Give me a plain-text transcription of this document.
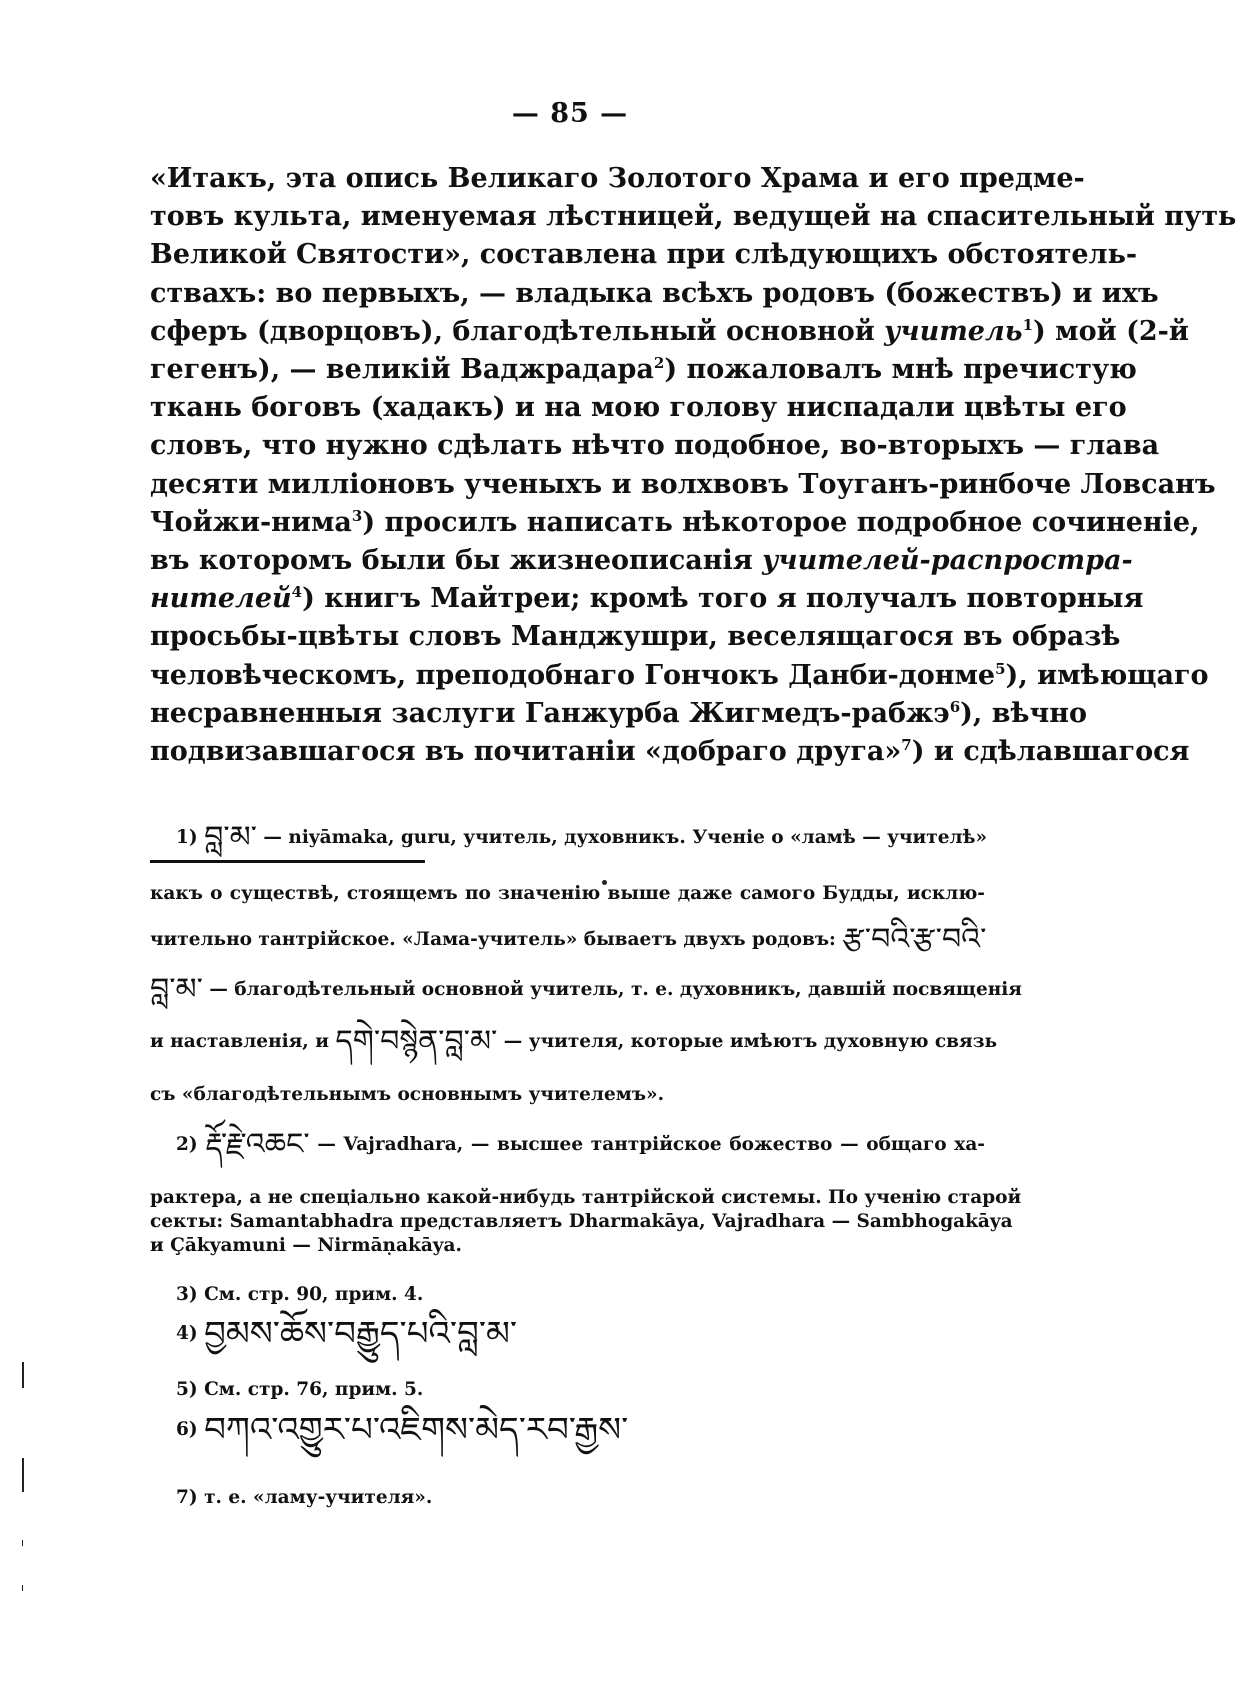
— 85 —
«Итакъ, эта опись Великаго Золотого Храма и его предме-
товъ культа, именуемая лѣстницей, ведущей на спасительный путь
Великой Святости», составлена при слѣдующихъ обстоятель-
ствахъ: во первыхъ, — владыка всѣхъ родовъ (божествъ) и ихъ
сферъ (дворцовъ), благодѣтельный основной учитель$^1$) мой (2-й
гегенъ), — великій Ваджрадара$^2$) пожаловалъ мнѣ пречистую
ткань боговъ (хадакъ) и на мою голову ниспадали цвѣты его
словъ, что нужно сдѣлать нѣчто подобное, во-вторыхъ — глава
десяти милліоновъ ученыхъ и волхвовъ Тоуганъ-ринбоче Ловсанъ
Чойжи-нима$^3$) просилъ написать нѣкоторое подробное сочиненіе,
въ которомъ были бы жизнеописанія учителей-распростра-
нителей$^4$) книгъ Майтреи; кромѣ того я получалъ повторныя
просьбы-цвѣты словъ Манджушри, веселящагося въ образѣ
человѣческомъ, преподобнаго Гончокъ Данби-донме$^5$), имѣющаго
несравненныя заслуги Ганжурба Жигмедъ-рабжэ$^6$), вѣчно
подвизавшагося въ почитаніи «добраго друга»$^7$) и сдѣлавшагося
1) བླ་མ་ — niyāmaka, guru, учитель, духовникъ. Ученіе о «ламѣ — учителѣ»
какъ о существѣ, стоящемъ по значенію выше даже самого Будды, исклю-
чительно тантрійское. «Лама-учитель» бываетъ двухъ родовъ: རྩ་བའི་རྩ་བའི་
བླ་མ་ — благодѣтельный основной учитель, т. е. духовникъ, давшій посвященія
и наставленія, и དགེ་བསྙེན་བླ་མ་ — учителя, которые имѣютъ духовную связь
съ «благодѣтельнымъ основнымъ учителемъ».
2) རྡོ་རྗེ་འཆང་ — Vajradhara, — высшее тантрійское божество — общаго ха-
рактера, а не спеціально какой-нибудь тантрійской системы. По ученію старой
секты: Samantabhadra представляетъ Dharmakāya, Vajradhara — Sambhogakāya
и Çākyamuni — Nirmāṇakāya.
3) См. стр. 90, прим. 4.
4) བྱམས་ཆོས་བརྒྱུད་པའི་བླ་མ་
5) См. стр. 76, прим. 5.
6) བཀའ་འགྱུར་པ་འཇིགས་མེད་རབ་རྒྱས་
7) т. е. «ламу-учителя».
